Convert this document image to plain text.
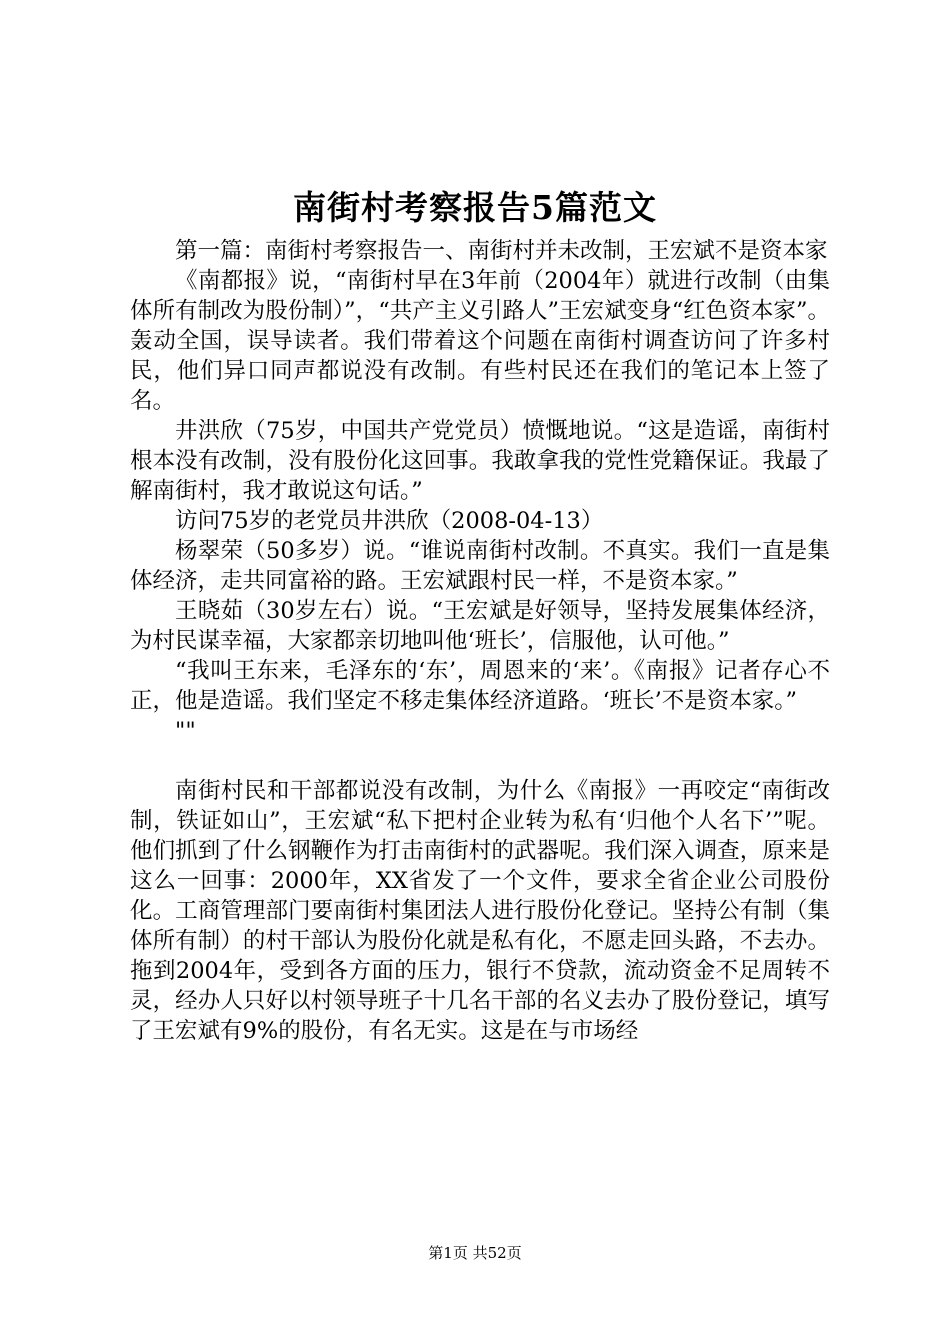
南街村考察报告5篇范文

第一篇：南街村考察报告一、南街村并未改制，王宏斌不是资本家

《南都报》说，“南街村早在3年前（2004年）就进行改制（由集体所有制改为股份制）”，“共产主义引路人”王宏斌变身“红色资本家”。轰动全国，误导读者。我们带着这个问题在南街村调查访问了许多村民，他们异口同声都说没有改制。有些村民还在我们的笔记本上签了名。

井洪欣（75岁，中国共产党党员）愤慨地说。“这是造谣，南街村根本没有改制，没有股份化这回事。我敢拿我的党性党籍保证。我最了解南街村，我才敢说这句话。”

访问75岁的老党员井洪欣（2008-04-13）

杨翠荣（50多岁）说。“谁说南街村改制。不真实。我们一直是集体经济，走共同富裕的路。王宏斌跟村民一样，不是资本家。”

王晓茹（30岁左右）说。“王宏斌是好领导，坚持发展集体经济，为村民谋幸福，大家都亲切地叫他‘班长’，信服他，认可他。”

“我叫王东来，毛泽东的‘东’，周恩来的‘来’。《南报》记者存心不正，他是造谣。我们坚定不移走集体经济道路。‘班长’不是资本家。”

""

南街村民和干部都说没有改制，为什么《南报》一再咬定“南街改制，铁证如山”，王宏斌“私下把村企业转为私有‘归他个人名下’”呢。他们抓到了什么钢鞭作为打击南街村的武器呢。我们深入调查，原来是这么一回事：2000年，XX省发了一个文件，要求全省企业公司股份化。工商管理部门要南街村集团法人进行股份化登记。坚持公有制（集体所有制）的村干部认为股份化就是私有化，不愿走回头路，不去办。拖到2004年，受到各方面的压力，银行不贷款，流动资金不足周转不灵，经办人只好以村领导班子十几名干部的名义去办了股份登记，填写了王宏斌有9%的股份，有名无实。这是在与市场经

第1页 共52页
